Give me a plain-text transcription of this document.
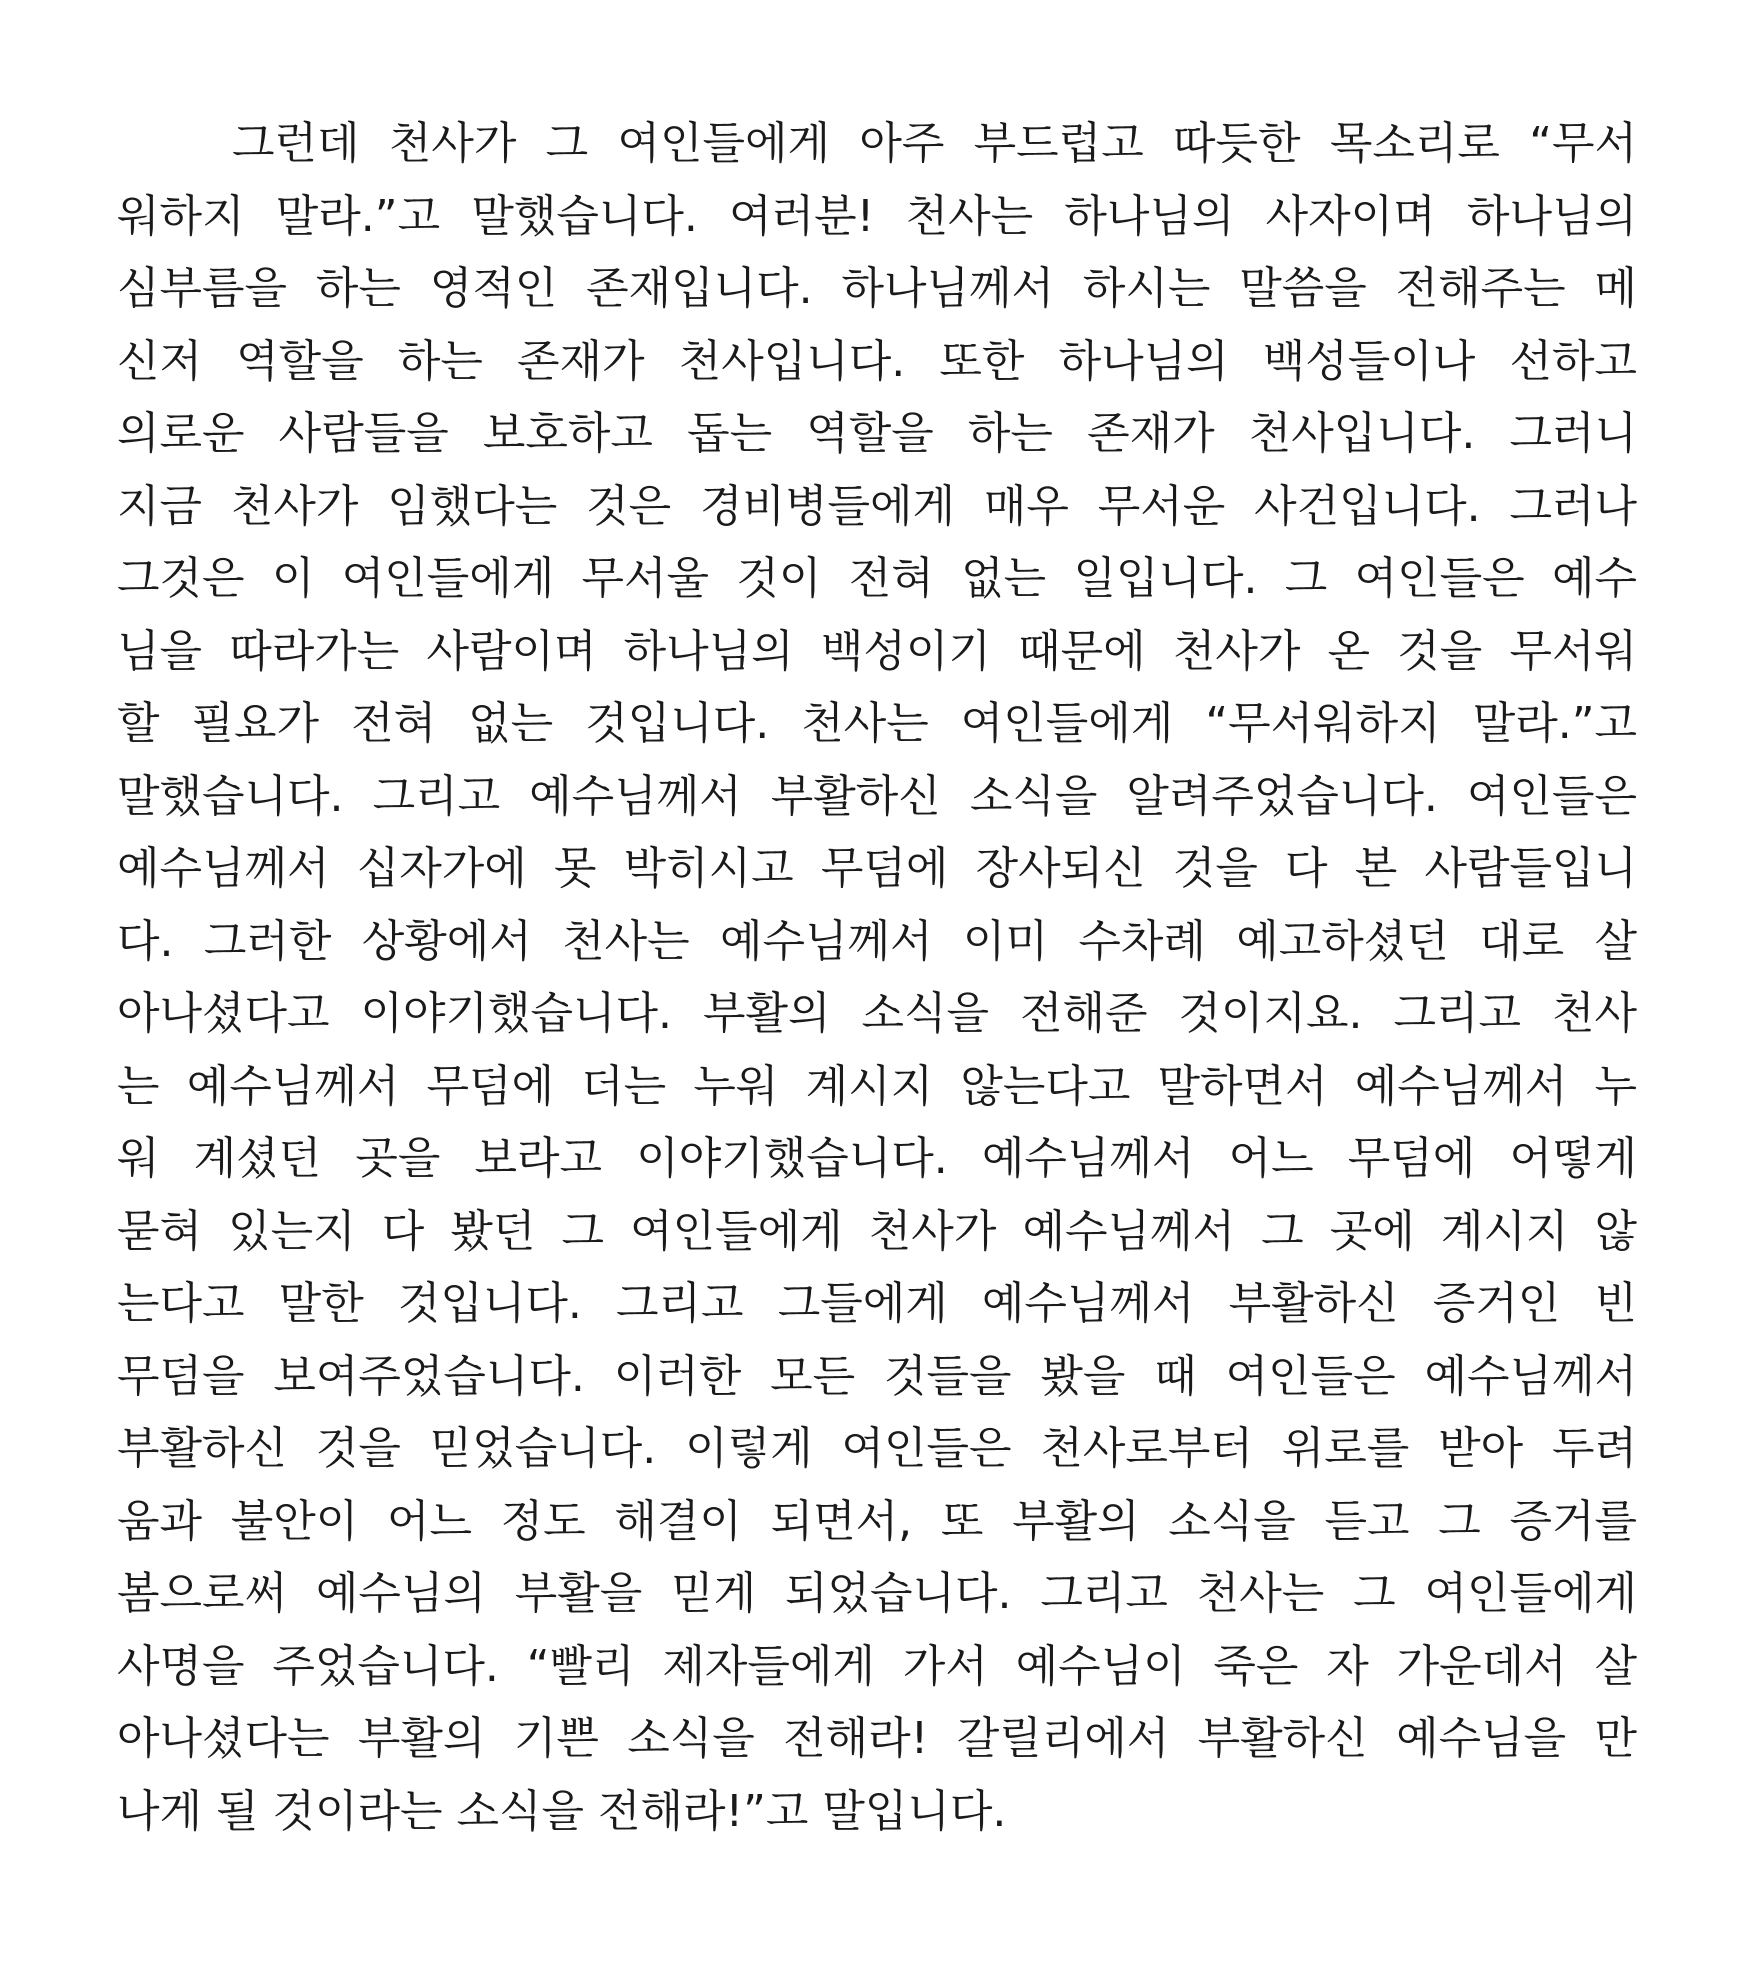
그런데 천사가 그 여인들에게 아주 부드럽고 따듯한 목소리로 “무서
워하지 말라.”고 말했습니다. 여러분! 천사는 하나님의 사자이며 하나님의
심부름을 하는 영적인 존재입니다. 하나님께서 하시는 말씀을 전해주는 메
신저 역할을 하는 존재가 천사입니다. 또한 하나님의 백성들이나 선하고
의로운 사람들을 보호하고 돕는 역할을 하는 존재가 천사입니다. 그러니
지금 천사가 임했다는 것은 경비병들에게 매우 무서운 사건입니다. 그러나
그것은 이 여인들에게 무서울 것이 전혀 없는 일입니다. 그 여인들은 예수
님을 따라가는 사람이며 하나님의 백성이기 때문에 천사가 온 것을 무서워
할 필요가 전혀 없는 것입니다. 천사는 여인들에게 “무서워하지 말라.”고
말했습니다. 그리고 예수님께서 부활하신 소식을 알려주었습니다. 여인들은
예수님께서 십자가에 못 박히시고 무덤에 장사되신 것을 다 본 사람들입니
다. 그러한 상황에서 천사는 예수님께서 이미 수차례 예고하셨던 대로 살
아나셨다고 이야기했습니다. 부활의 소식을 전해준 것이지요. 그리고 천사
는 예수님께서 무덤에 더는 누워 계시지 않는다고 말하면서 예수님께서 누
워 계셨던 곳을 보라고 이야기했습니다. 예수님께서 어느 무덤에 어떻게
묻혀 있는지 다 봤던 그 여인들에게 천사가 예수님께서 그 곳에 계시지 않
는다고 말한 것입니다. 그리고 그들에게 예수님께서 부활하신 증거인 빈
무덤을 보여주었습니다. 이러한 모든 것들을 봤을 때 여인들은 예수님께서
부활하신 것을 믿었습니다. 이렇게 여인들은 천사로부터 위로를 받아 두려
움과 불안이 어느 정도 해결이 되면서, 또 부활의 소식을 듣고 그 증거를
봄으로써 예수님의 부활을 믿게 되었습니다. 그리고 천사는 그 여인들에게
사명을 주었습니다. “빨리 제자들에게 가서 예수님이 죽은 자 가운데서 살
아나셨다는 부활의 기쁜 소식을 전해라! 갈릴리에서 부활하신 예수님을 만
나게 될 것이라는 소식을 전해라!”고 말입니다.
